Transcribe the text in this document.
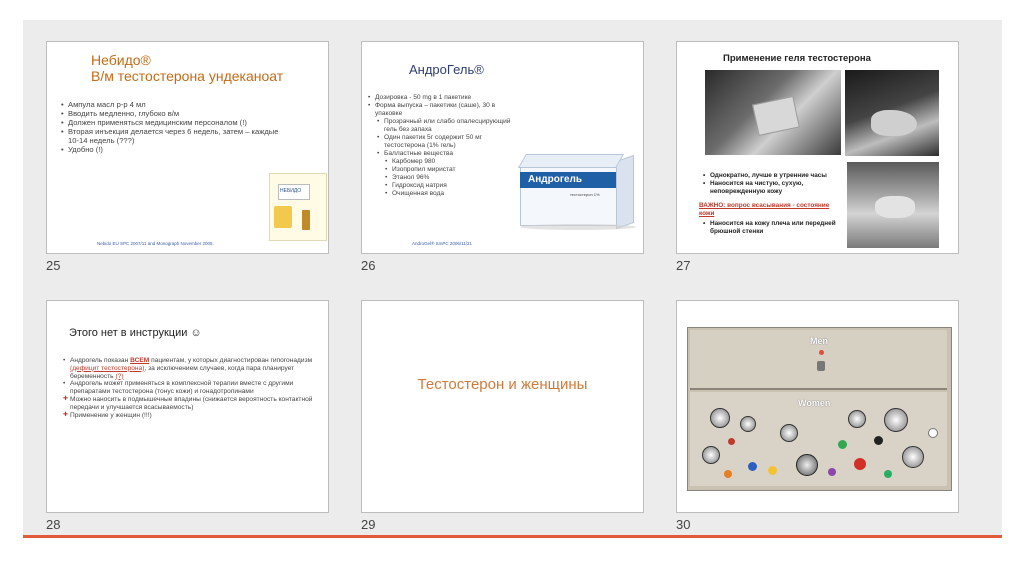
Небидо®
В/м тестостерона ундеканоат
• Ампула масл р-р 4 мл
• Вводить медленно, глубоко в/м
• Должен применяться медицинским персоналом (!)
• Вторая инъекция делается через 6 недель, затем – каждые 10-14 недель (???)
• Удобно (!)
НЕБИДО
Nebido EU SPC 2007/11 and Monograph November 2005.
25
АндроГель®
• Дозировка - 50 mg в 1 пакетике
• Форма выпуска – пакетики (саше), 30 в упаковке
• Прозрачный или слабо опалесцирующий гель без запаха
• Один пакетик 5г содержит 50 мг тестостерона (1% гель)
• Балластные вещества
• Карбомер 980
• Изопропил миристат
• Этанол 96%
• Гидроксид натрия
• Очищенная вода
Андрогель
тестостерон 1%
AndroGel® SmPC 2006/11/21
26
Применение геля тестостерона
• Однократно, лучше в утренние часы
• Наносится на чистую, сухую, неповрежденную кожу
ВАЖНО: вопрос всасывания - состояние кожи
• Наносится на кожу плеча или передней брюшной стенки
27
Этого нет в инструкции ☺
• Андрогель показан ВСЕМ пациентам, у которых диагностирован гипогонадизм (дефицит тестостерона), за исключением случаев, когда пара планирует беременность (?)
• Андрогель может применяться в комплексной терапии вместе с другими препаратами тестостерона (тонус кожи) и гонадотропинами
✚ Можно наносить в подмышечные впадины (снижается вероятность контактной передачи и улучшается всасываемость)
✚ Применение у женщин (!!!)
28
Тестостерон и женщины
29
Men
Women
30
